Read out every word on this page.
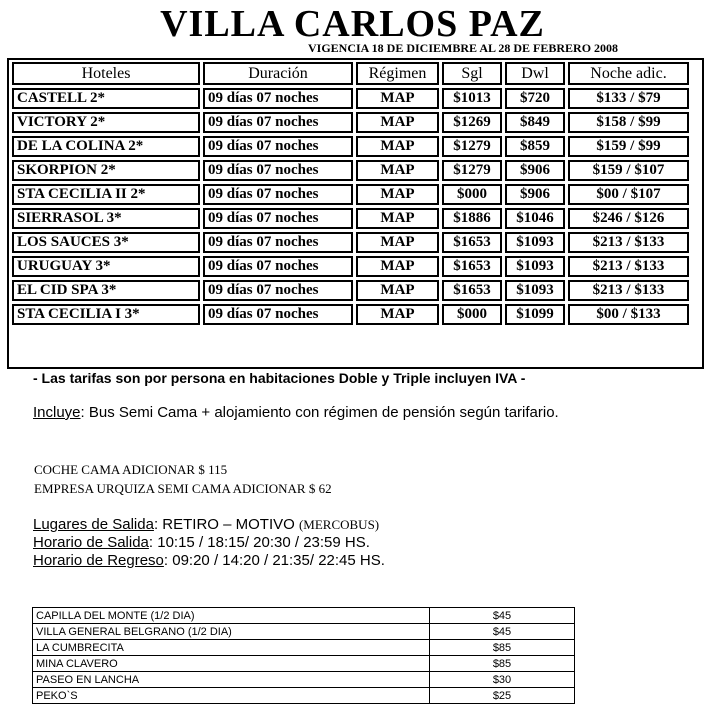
VILLA CARLOS PAZ
VIGENCIA 18 DE DICIEMBRE AL 28 DE FEBRERO 2008
Hoteles	Duración	Régimen	Sgl	Dwl	Noche adic.
CASTELL 2*	09 días 07 noches	MAP	$1013	$720	$133 / $79
VICTORY 2*	09 días 07 noches	MAP	$1269	$849	$158 / $99
DE LA COLINA 2*	09 días 07 noches	MAP	$1279	$859	$159 / $99
SKORPION 2*	09 días 07 noches	MAP	$1279	$906	$159 / $107
STA CECILIA II 2*	09 días 07 noches	MAP	$000	$906	$00 / $107
SIERRASOL 3*	09 días 07 noches	MAP	$1886	$1046	$246 / $126
LOS SAUCES 3*	09 días 07 noches	MAP	$1653	$1093	$213 / $133
URUGUAY 3*	09 días 07 noches	MAP	$1653	$1093	$213 / $133
EL CID SPA 3*	09 días 07 noches	MAP	$1653	$1093	$213 / $133
STA CECILIA I 3*	09 días 07 noches	MAP	$000	$1099	$00 / $133
- Las tarifas son por persona en habitaciones Doble y Triple incluyen IVA -
Incluye: Bus Semi Cama + alojamiento con régimen de pensión según tarifario.
COCHE CAMA ADICIONAR $ 115
EMPRESA URQUIZA SEMI CAMA ADICIONAR $ 62
Lugares de Salida: RETIRO – MOTIVO (MERCOBUS)
Horario de Salida: 10:15 / 18:15/ 20:30 / 23:59 HS.
Horario de Regreso: 09:20 / 14:20 / 21:35/ 22:45 HS.
CAPILLA DEL MONTE (1/2 DIA)	$45
VILLA GENERAL BELGRANO (1/2 DIA)	$45
LA CUMBRECITA	$85
MINA CLAVERO	$85
PASEO EN LANCHA	$30
PEKO`S	$25
